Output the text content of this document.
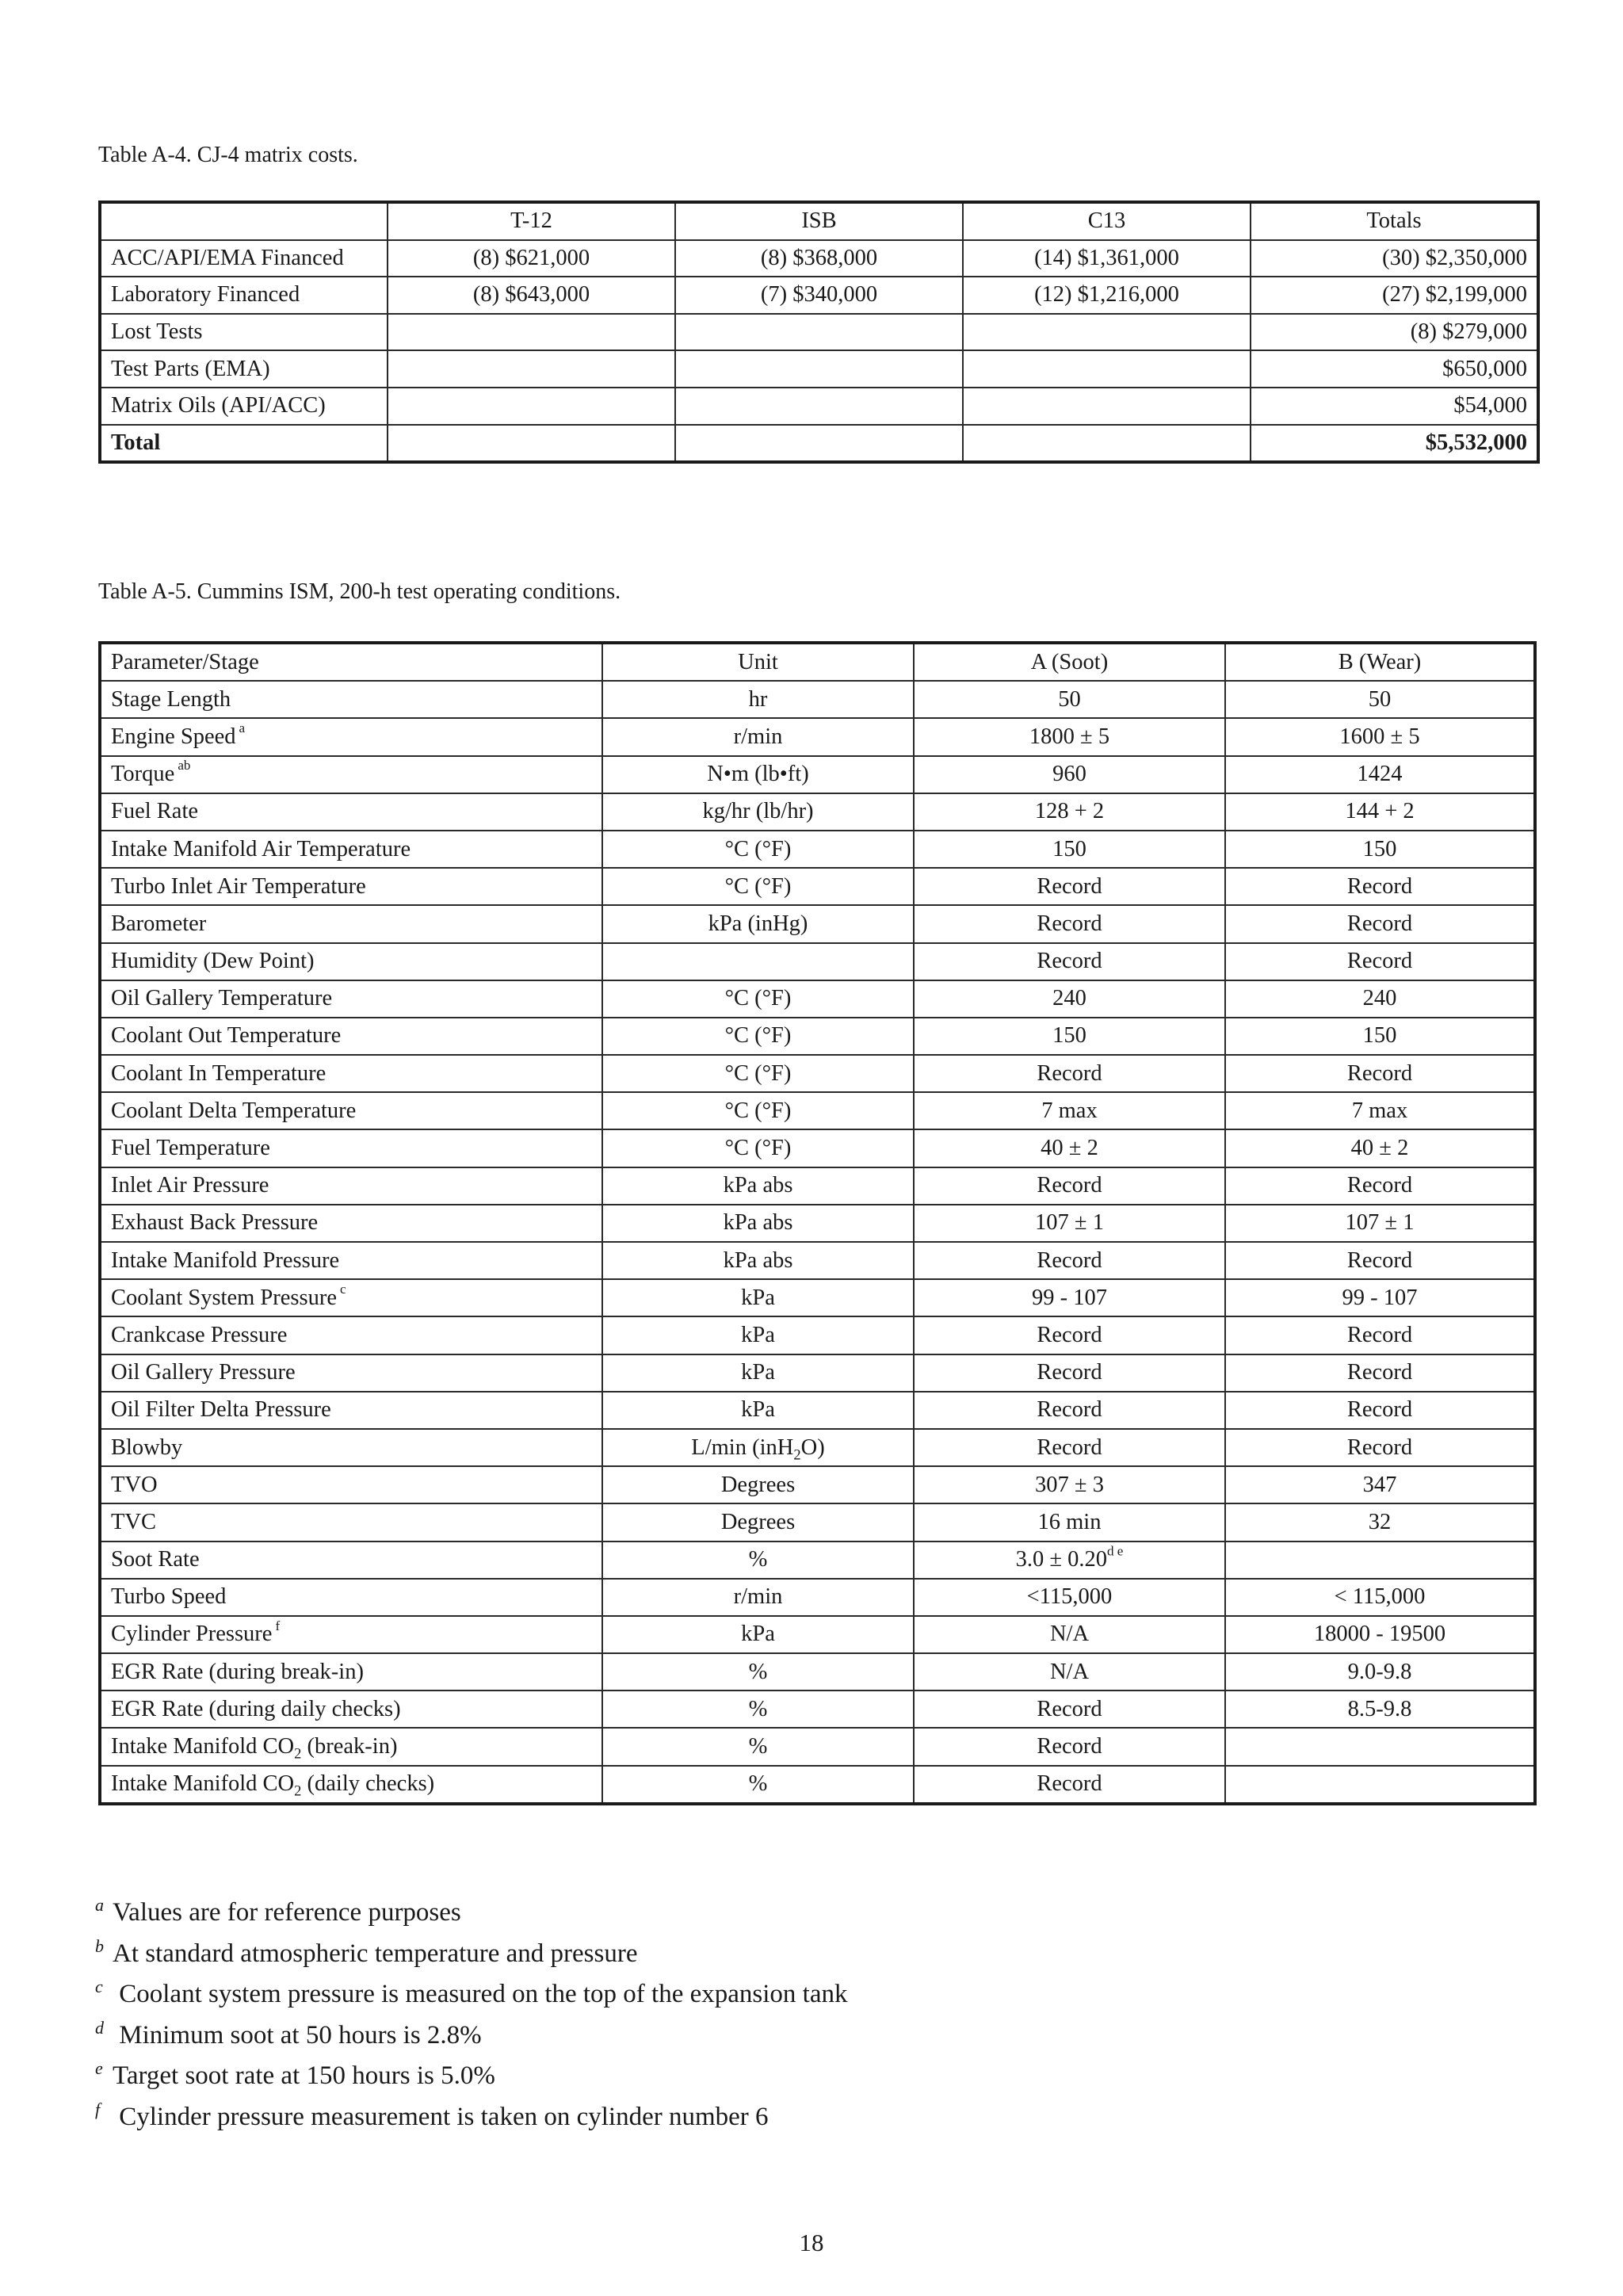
Table A-4. CJ-4 matrix costs.
	T-12	ISB	C13	Totals
ACC/API/EMA Financed	(8) $621,000	(8) $368,000	(14) $1,361,000	(30) $2,350,000
Laboratory Financed	(8) $643,000	(7) $340,000	(12) $1,216,000	(27) $2,199,000
Lost Tests				(8) $279,000
Test Parts (EMA)				$650,000
Matrix Oils (API/ACC)				$54,000
Total				$5,532,000
Table A-5. Cummins ISM, 200-h test operating conditions.
Parameter/Stage	Unit	A (Soot)	B (Wear)
Stage Length	hr	50	50
Engine Speed $^a$	r/min	1800 ± 5	1600 ± 5
Torque $^{ab}$	N•m (lb•ft)	960	1424
Fuel Rate	kg/hr (lb/hr)	128 + 2	144 + 2
Intake Manifold Air Temperature	°C (°F)	150	150
Turbo Inlet Air Temperature	°C (°F)	Record	Record
Barometer	kPa (inHg)	Record	Record
Humidity (Dew Point)		Record	Record
Oil Gallery Temperature	°C (°F)	240	240
Coolant Out Temperature	°C (°F)	150	150
Coolant In Temperature	°C (°F)	Record	Record
Coolant Delta Temperature	°C (°F)	7 max	7 max
Fuel Temperature	°C (°F)	40 ± 2	40 ± 2
Inlet Air Pressure	kPa abs	Record	Record
Exhaust Back Pressure	kPa abs	107 ± 1	107 ± 1
Intake Manifold Pressure	kPa abs	Record	Record
Coolant System Pressure $^c$	kPa	99 - 107	99 - 107
Crankcase Pressure	kPa	Record	Record
Oil Gallery Pressure	kPa	Record	Record
Oil Filter Delta Pressure	kPa	Record	Record
Blowby	L/min (inH$_2$O)	Record	Record
TVO	Degrees	307 ± 3	347
TVC	Degrees	16 min	32
Soot Rate	%	$3.0 \pm 0.20^{d e}$	
Turbo Speed	r/min	<115,000	< 115,000
Cylinder Pressure $^f$	kPa	N/A	18000 - 19500
EGR Rate (during break-in)	%	N/A	9.0-9.8
EGR Rate (during daily checks)	%	Record	8.5-9.8
Intake Manifold $CO_2$ (break-in)	%	Record	
Intake Manifold $CO_2$ (daily checks)	%	Record	
a Values are for reference purposes
b At standard atmospheric temperature and pressure
c Coolant system pressure is measured on the top of the expansion tank
d Minimum soot at 50 hours is 2.8%
e Target soot rate at 150 hours is 5.0%
f Cylinder pressure measurement is taken on cylinder number 6
18
